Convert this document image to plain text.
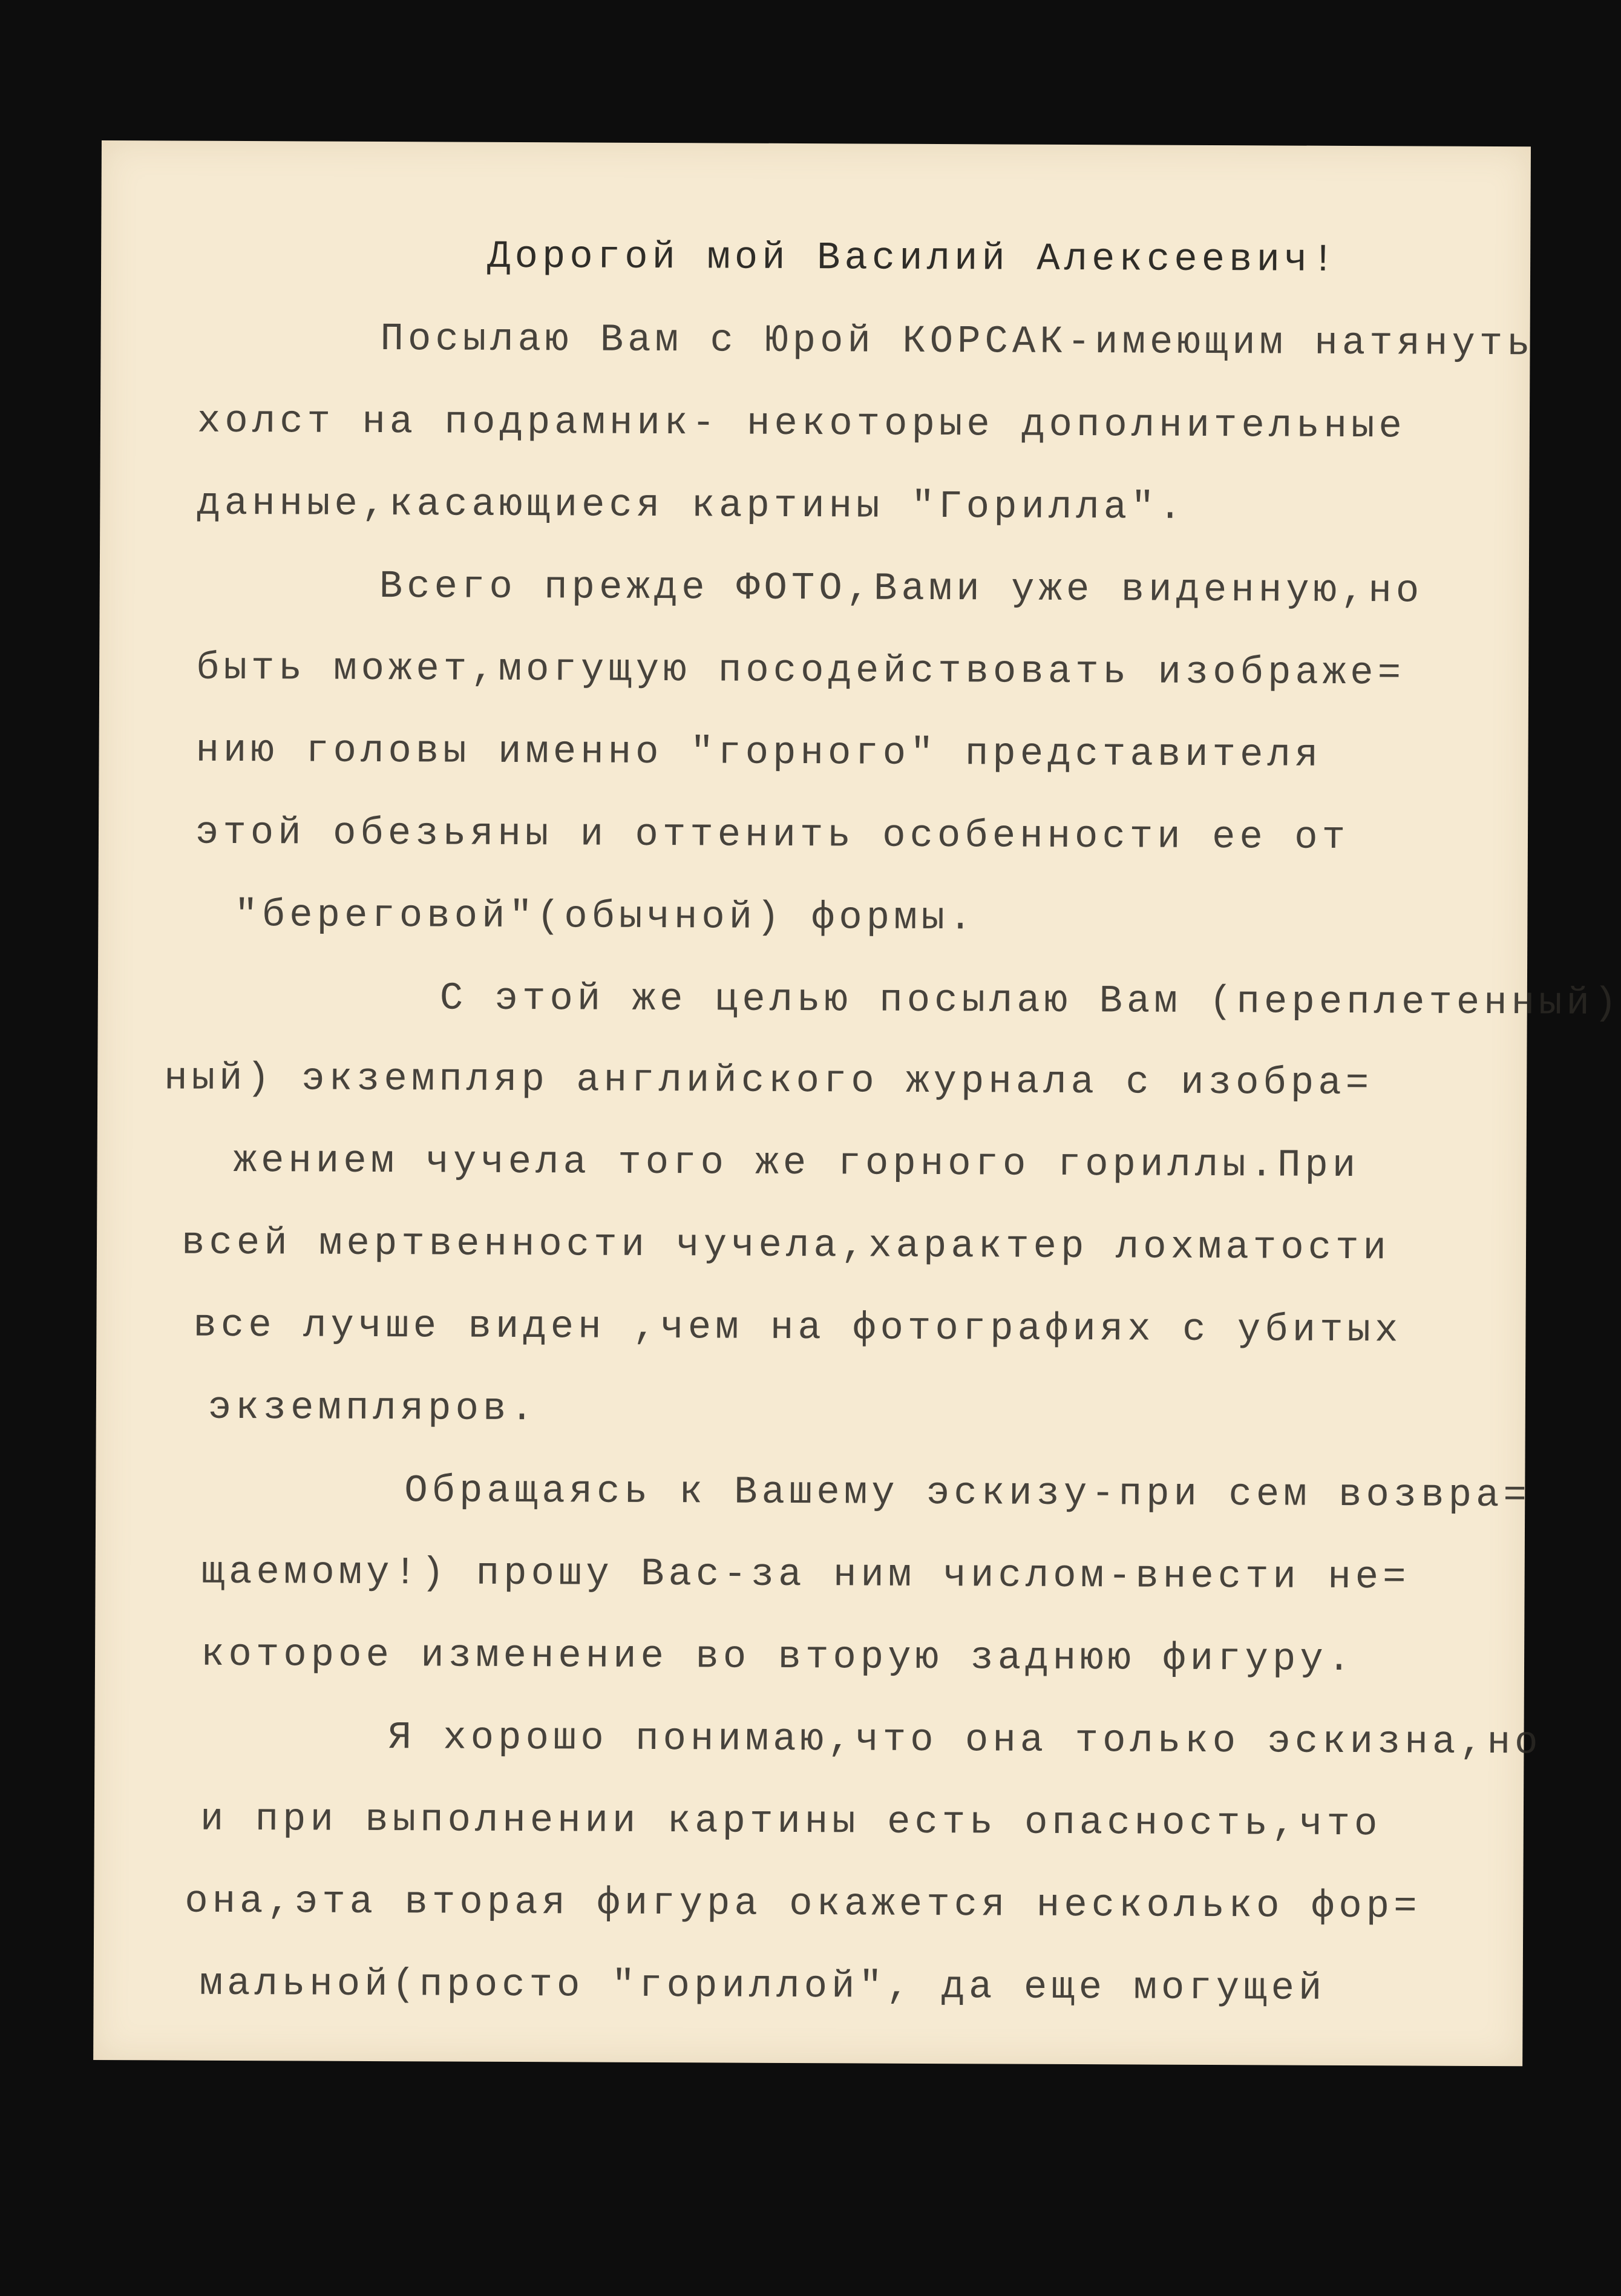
Дорогой мой Василий Алексеевич!

Посылаю Вам с Юрой КОРСАК-имеющим натянуть

холст на подрамник- некоторые дополнительные

данные,касающиеся картины "Горилла".

Всего прежде ФОТО,Вами уже виденную,но

быть может,могущую посодействовать изображе=

нию головы именно "горного" представителя

этой обезьяны и оттенить особенности ее от

"береговой"(обычной) формы.

С этой же целью посылаю Вам (переплетенный)

ный) экземпляр английского журнала с изобра=

жением чучела того же горного гориллы.При

всей мертвенности чучела,характер лохматости

все лучше виден ,чем на фотографиях с убитых

экземпляров.

Обращаясь к Вашему эскизу-при сем возвра=

щаемому!) прошу Вас-за ним числом-внести не=

которое изменение во вторую заднюю фигуру.

Я хорошо понимаю,что она только эскизна,но

и при выполнении картины есть опасность,что

она,эта вторая фигура окажется несколько фор=

мальной(просто "гориллой", да еще могущей
